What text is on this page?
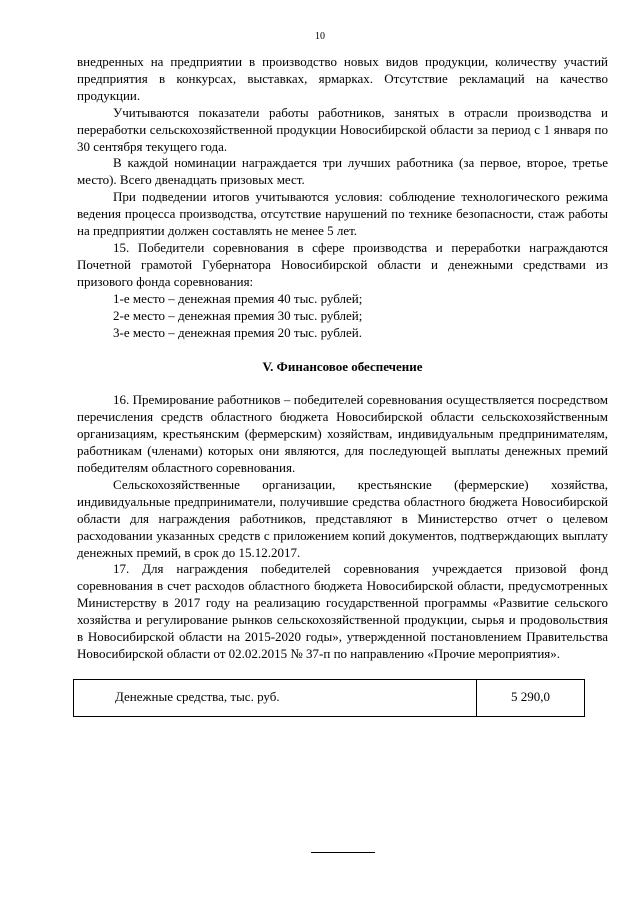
10

внедренных на предприятии в производство новых видов продукции, количеству участий предприятия в конкурсах, выставках, ярмарках. Отсутствие рекламаций на качество продукции.

Учитываются показатели работы работников, занятых в отрасли производства и переработки сельскохозяйственной продукции Новосибирской области за период с 1 января по 30 сентября текущего года.

В каждой номинации награждается три лучших работника (за первое, второе, третье место). Всего двенадцать призовых мест.

При подведении итогов учитываются условия: соблюдение технологического режима ведения процесса производства, отсутствие нарушений по технике безопасности, стаж работы на предприятии должен составлять не менее 5 лет.

15. Победители соревнования в сфере производства и переработки награждаются Почетной грамотой Губернатора Новосибирской области и денежными средствами из призового фонда соревнования:

1-е место – денежная премия 40 тыс. рублей;

2-е место – денежная премия 30 тыс. рублей;

3-е место – денежная премия 20 тыс. рублей.

V. Финансовое обеспечение

16. Премирование работников – победителей соревнования осуществляется посредством перечисления средств областного бюджета Новосибирской области сельскохозяйственным организациям, крестьянским (фермерским) хозяйствам, индивидуальным предпринимателям, работникам (членами) которых они являются, для последующей выплаты денежных премий победителям областного соревнования.

Сельскохозяйственные организации, крестьянские (фермерские) хозяйства, индивидуальные предприниматели, получившие средства областного бюджета Новосибирской области для награждения работников, представляют в Министерство отчет о целевом расходовании указанных средств с приложением копий документов, подтверждающих выплату денежных премий, в срок до 15.12.2017.

17. Для награждения победителей соревнования учреждается призовой фонд соревнования в счет расходов областного бюджета Новосибирской области, предусмотренных Министерству в 2017 году на реализацию государственной программы «Развитие сельского хозяйства и регулирование рынков сельскохозяйственной продукции, сырья и продовольствия в Новосибирской области на 2015-2020 годы», утвержденной постановлением Правительства Новосибирской области от 02.02.2015 № 37-п по направлению «Прочие мероприятия».

Денежные средства, тыс. руб.	5 290,0
